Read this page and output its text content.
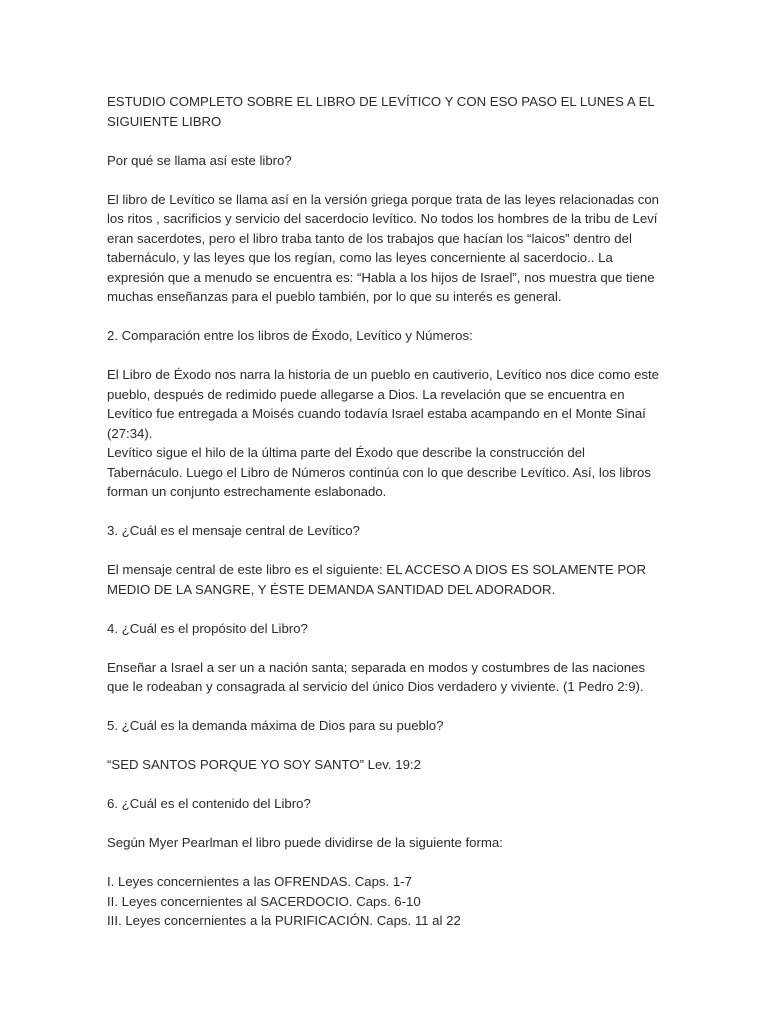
ESTUDIO COMPLETO SOBRE EL LIBRO DE LEVÍTICO Y CON ESO PASO EL LUNES A EL
SIGUIENTE LIBRO
Por qué se llama así este libro?
El libro de Levítico se llama así en la versión griega porque trata de las leyes relacionadas con
los ritos , sacrificios y servicio del sacerdocio levítico. No todos los hombres de la tribu de Leví
eran sacerdotes, pero el libro traba tanto de los trabajos que hacían los “laicos” dentro del
tabernáculo, y las leyes que los regían, como las leyes concerniente al sacerdocio.. La
expresión que a menudo se encuentra es: “Habla a los hijos de Israel”, nos muestra que tiene
muchas enseñanzas para el pueblo también, por lo que su interés es general.
2. Comparación entre los libros de Éxodo, Levítico y Números:
El Libro de Éxodo nos narra la historia de un pueblo en cautiverio, Levítico nos dice como este
pueblo, después de redimido puede allegarse a Dios. La revelación que se encuentra en
Levítico fue entregada a Moisés cuando todavía Israel estaba acampando en el Monte Sinaí
(27:34).
Levítico sigue el hilo de la última parte del Éxodo que describe la construcción del
Tabernáculo. Luego el Libro de Números continúa con lo que describe Levítico. Así, los libros
forman un conjunto estrechamente eslabonado.
3. ¿Cuál es el mensaje central de Levítico?
El mensaje central de este libro es el siguiente: EL ACCESO A DIOS ES SOLAMENTE POR
MEDIO DE LA SANGRE, Y ÉSTE DEMANDA SANTIDAD DEL ADORADOR.
4. ¿Cuál es el propósito del Libro?
Enseñar a Israel a ser un a nación santa; separada en modos y costumbres de las naciones
que le rodeaban y consagrada al servicio del único Dios verdadero y viviente. (1 Pedro 2:9).
5. ¿Cuál es la demanda máxima de Dios para su pueblo?
“SED SANTOS PORQUE YO SOY SANTO” Lev. 19:2
6. ¿Cuál es el contenido del Libro?
Según Myer Pearlman el libro puede dividirse de la siguiente forma:
I. Leyes concernientes a las OFRENDAS. Caps. 1-7
II. Leyes concernientes al SACERDOCIO. Caps. 6-10
III. Leyes concernientes a la PURIFICACIÓN. Caps. 11 al 22
